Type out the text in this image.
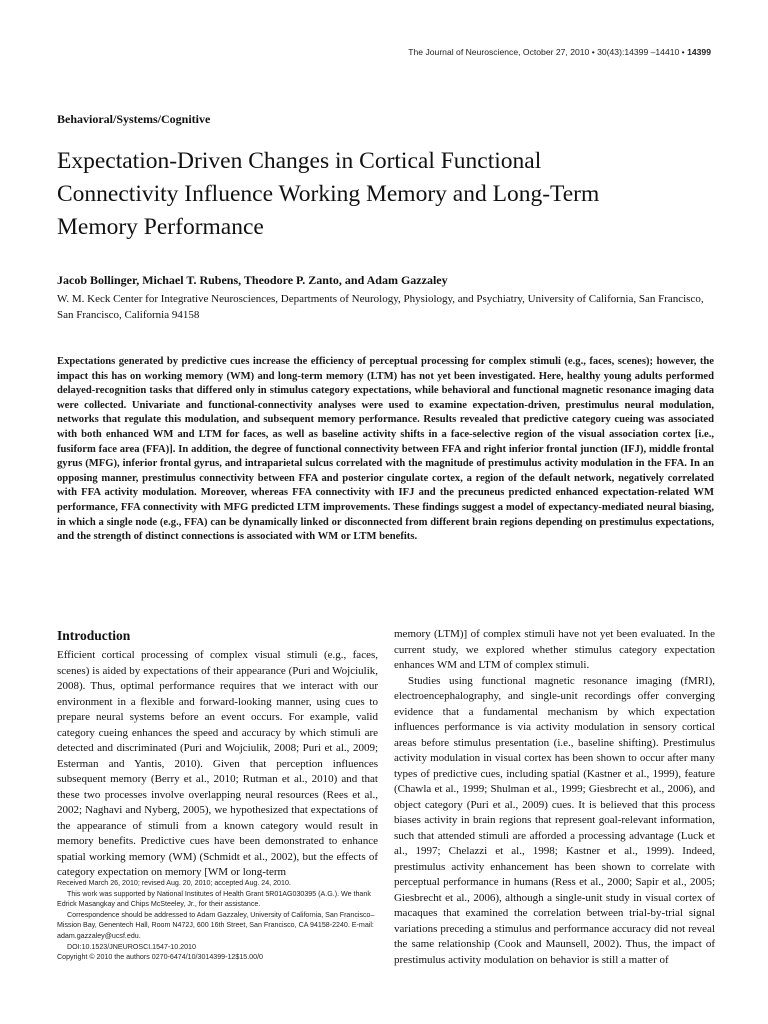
The Journal of Neuroscience, October 27, 2010 • 30(43):14399 –14410 • 14399
Behavioral/Systems/Cognitive
Expectation-Driven Changes in Cortical Functional
Connectivity Influence Working Memory and Long-Term
Memory Performance
Jacob Bollinger, Michael T. Rubens, Theodore P. Zanto, and Adam Gazzaley
W. M. Keck Center for Integrative Neurosciences, Departments of Neurology, Physiology, and Psychiatry, University of California, San Francisco,
San Francisco, California 94158

Expectations generated by predictive cues increase the efficiency of perceptual processing for complex stimuli (e.g., faces, scenes); however, the impact this has on working memory (WM) and long-term memory (LTM) has not yet been investigated. Here, healthy young adults performed delayed-recognition tasks that differed only in stimulus category expectations, while behavioral and functional magnetic resonance imaging data were collected. Univariate and functional-connectivity analyses were used to examine expectation-driven, prestimulus neural modulation, networks that regulate this modulation, and subsequent memory performance. Results revealed that predictive category cueing was associated with both enhanced WM and LTM for faces, as well as baseline activity shifts in a face-selective region of the visual association cortex [i.e., fusiform face area (FFA)]. In addition, the degree of functional connectivity between FFA and right inferior frontal junction (IFJ), middle frontal gyrus (MFG), inferior frontal gyrus, and intraparietal sulcus correlated with the magnitude of prestimulus activity modulation in the FFA. In an opposing manner, prestimulus connectivity between FFA and posterior cingulate cortex, a region of the default network, negatively correlated with FFA activity modulation. Moreover, whereas FFA connectivity with IFJ and the precuneus predicted enhanced expectation-related WM performance, FFA connectivity with MFG predicted LTM improvements. These findings suggest a model of expectancy-mediated neural biasing, in which a single node (e.g., FFA) can be dynamically linked or disconnected from different brain regions depending on prestimulus expectations, and the strength of distinct connections is associated with WM or LTM benefits.

Introduction

Efficient cortical processing of complex visual stimuli (e.g., faces, scenes) is aided by expectations of their appearance (Puri and Wojciulik, 2008). Thus, optimal performance requires that we interact with our environment in a flexible and forward-looking manner, using cues to prepare neural systems before an event occurs. For example, valid category cueing enhances the speed and accuracy by which stimuli are detected and discriminated (Puri and Wojciulik, 2008; Puri et al., 2009; Esterman and Yantis, 2010). Given that perception influences subsequent memory (Berry et al., 2010; Rutman et al., 2010) and that these two processes involve overlapping neural resources (Rees et al., 2002; Naghavi and Nyberg, 2005), we hypothesized that expectations of the appearance of stimuli from a known category would result in memory benefits. Predictive cues have been demonstrated to enhance spatial working memory (WM) (Schmidt et al., 2002), but the effects of category expectation on memory [WM or long-term

memory (LTM)] of complex stimuli have not yet been evaluated. In the current study, we explored whether stimulus category expectation enhances WM and LTM of complex stimuli.

Studies using functional magnetic resonance imaging (fMRI), electroencephalography, and single-unit recordings offer converging evidence that a fundamental mechanism by which expectation influences performance is via activity modulation in sensory cortical areas before stimulus presentation (i.e., baseline shifting). Prestimulus activity modulation in visual cortex has been shown to occur after many types of predictive cues, including spatial (Kastner et al., 1999), feature (Chawla et al., 1999; Shulman et al., 1999; Giesbrecht et al., 2006), and object category (Puri et al., 2009) cues. It is believed that this process biases activity in brain regions that represent goal-relevant information, such that attended stimuli are afforded a processing advantage (Luck et al., 1997; Chelazzi et al., 1998; Kastner et al., 1999). Indeed, prestimulus activity enhancement has been shown to correlate with perceptual performance in humans (Ress et al., 2000; Sapir et al., 2005; Giesbrecht et al., 2006), although a single-unit study in visual cortex of macaques that examined the correlation between trial-by-trial signal variations preceding a stimulus and performance accuracy did not reveal the same relationship (Cook and Maunsell, 2002). Thus, the impact of prestimulus activity modulation on behavior is still a matter of

Received March 26, 2010; revised Aug. 20, 2010; accepted Aug. 24, 2010.
This work was supported by National Institutes of Health Grant 5R01AG030395 (A.G.). We thank Edrick Masangkay and Chips McSteeley, Jr., for their assistance.
Correspondence should be addressed to Adam Gazzaley, University of California, San Francisco–Mission Bay, Genentech Hall, Room N472J, 600 16th Street, San Francisco, CA 94158-2240. E-mail: adam.gazzaley@ucsf.edu.
DOI:10.1523/JNEUROSCI.1547-10.2010
Copyright © 2010 the authors 0270-6474/10/3014399-12$15.00/0
